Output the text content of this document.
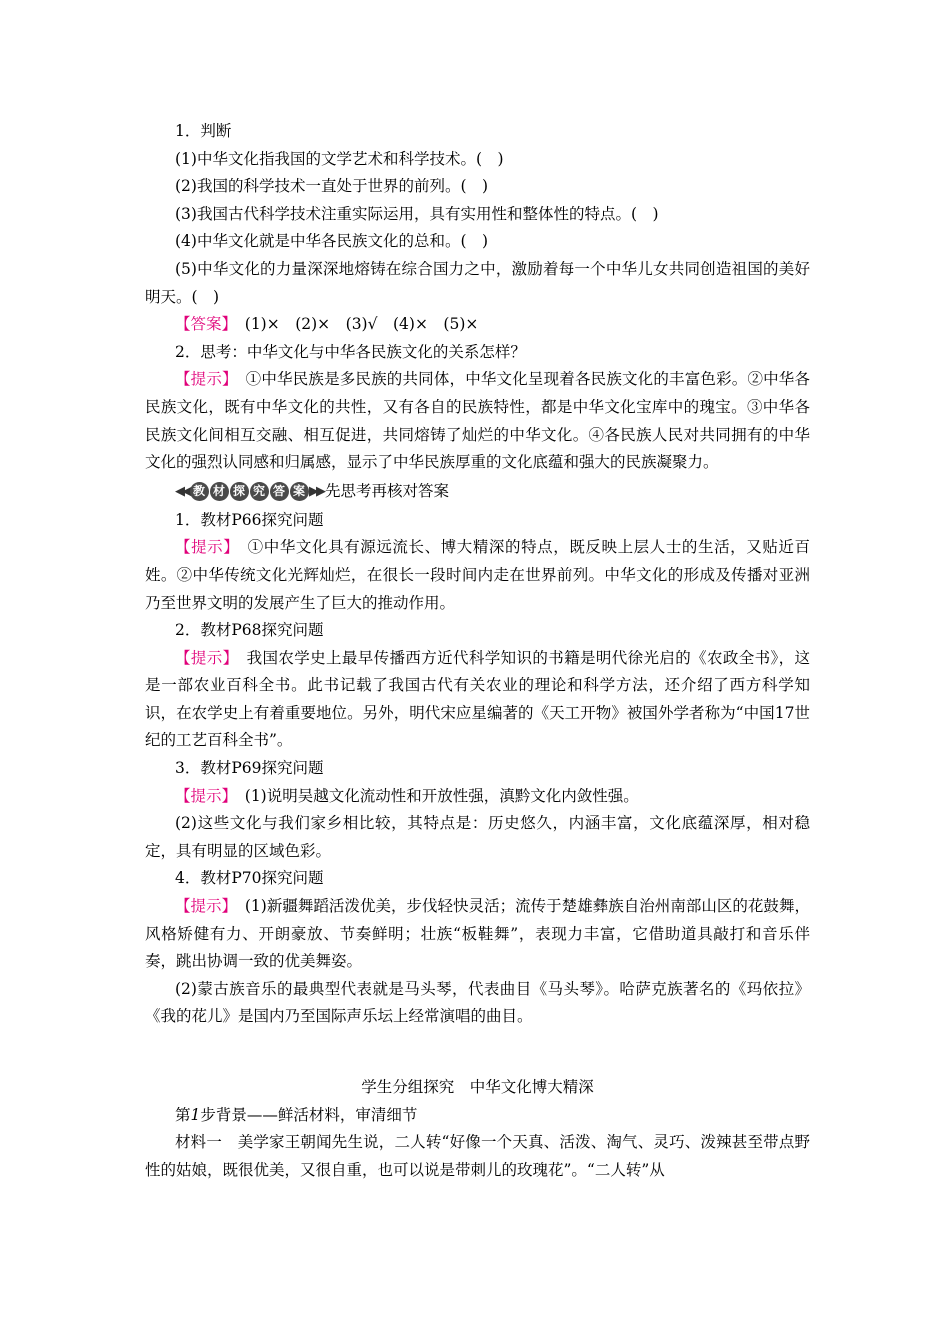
1．判断
(1)中华文化指我国的文学艺术和科学技术。(　)
(2)我国的科学技术一直处于世界的前列。(　)
(3)我国古代科学技术注重实际运用，具有实用性和整体性的特点。(　)
(4)中华文化就是中华各民族文化的总和。(　)
(5)中华文化的力量深深地熔铸在综合国力之中，激励着每一个中华儿女共同创造祖国的美好明天。(　)
【答案】　(1)×　(2)×　(3)√　(4)×　(5)×
2．思考：中华文化与中华各民族文化的关系怎样？
【提示】　①中华民族是多民族的共同体，中华文化呈现着各民族文化的丰富色彩。②中华各民族文化，既有中华文化的共性，又有各自的民族特性，都是中华文化宝库中的瑰宝。③中华各民族文化间相互交融、相互促进，共同熔铸了灿烂的中华文化。④各民族人民对共同拥有的中华文化的强烈认同感和归属感，显示了中华民族厚重的文化底蕴和强大的民族凝聚力。
◀◀ 教 材 探 究 答 案 ▶▶ 先思考再核对答案
1．教材P66探究问题
【提示】　①中华文化具有源远流长、博大精深的特点，既反映上层人士的生活，又贴近百姓。②中华传统文化光辉灿烂，在很长一段时间内走在世界前列。中华文化的形成及传播对亚洲乃至世界文明的发展产生了巨大的推动作用。
2．教材P68探究问题
【提示】　我国农学史上最早传播西方近代科学知识的书籍是明代徐光启的《农政全书》，这是一部农业百科全书。此书记载了我国古代有关农业的理论和科学方法，还介绍了西方科学知识，在农学史上有着重要地位。另外，明代宋应星编著的《天工开物》被国外学者称为“中国17世纪的工艺百科全书”。
3．教材P69探究问题
【提示】　(1)说明吴越文化流动性和开放性强，滇黔文化内敛性强。
(2)这些文化与我们家乡相比较，其特点是：历史悠久，内涵丰富，文化底蕴深厚，相对稳定，具有明显的区域色彩。
4．教材P70探究问题
【提示】　(1)新疆舞蹈活泼优美，步伐轻快灵活；流传于楚雄彝族自治州南部山区的花鼓舞，风格矫健有力、开朗豪放、节奏鲜明；壮族“板鞋舞”，表现力丰富，它借助道具敲打和音乐伴奏，跳出协调一致的优美舞姿。
(2)蒙古族音乐的最典型代表就是马头琴，代表曲目《马头琴》。哈萨克族著名的《玛依拉》《我的花儿》是国内乃至国际声乐坛上经常演唱的曲目。
学生分组探究　中华文化博大精深
第1步背景——鲜活材料，审清细节
材料一　美学家王朝闻先生说，二人转“好像一个天真、活泼、淘气、灵巧、泼辣甚至带点野性的姑娘，既很优美，又很自重，也可以说是带刺儿的玫瑰花”。“二人转”从
